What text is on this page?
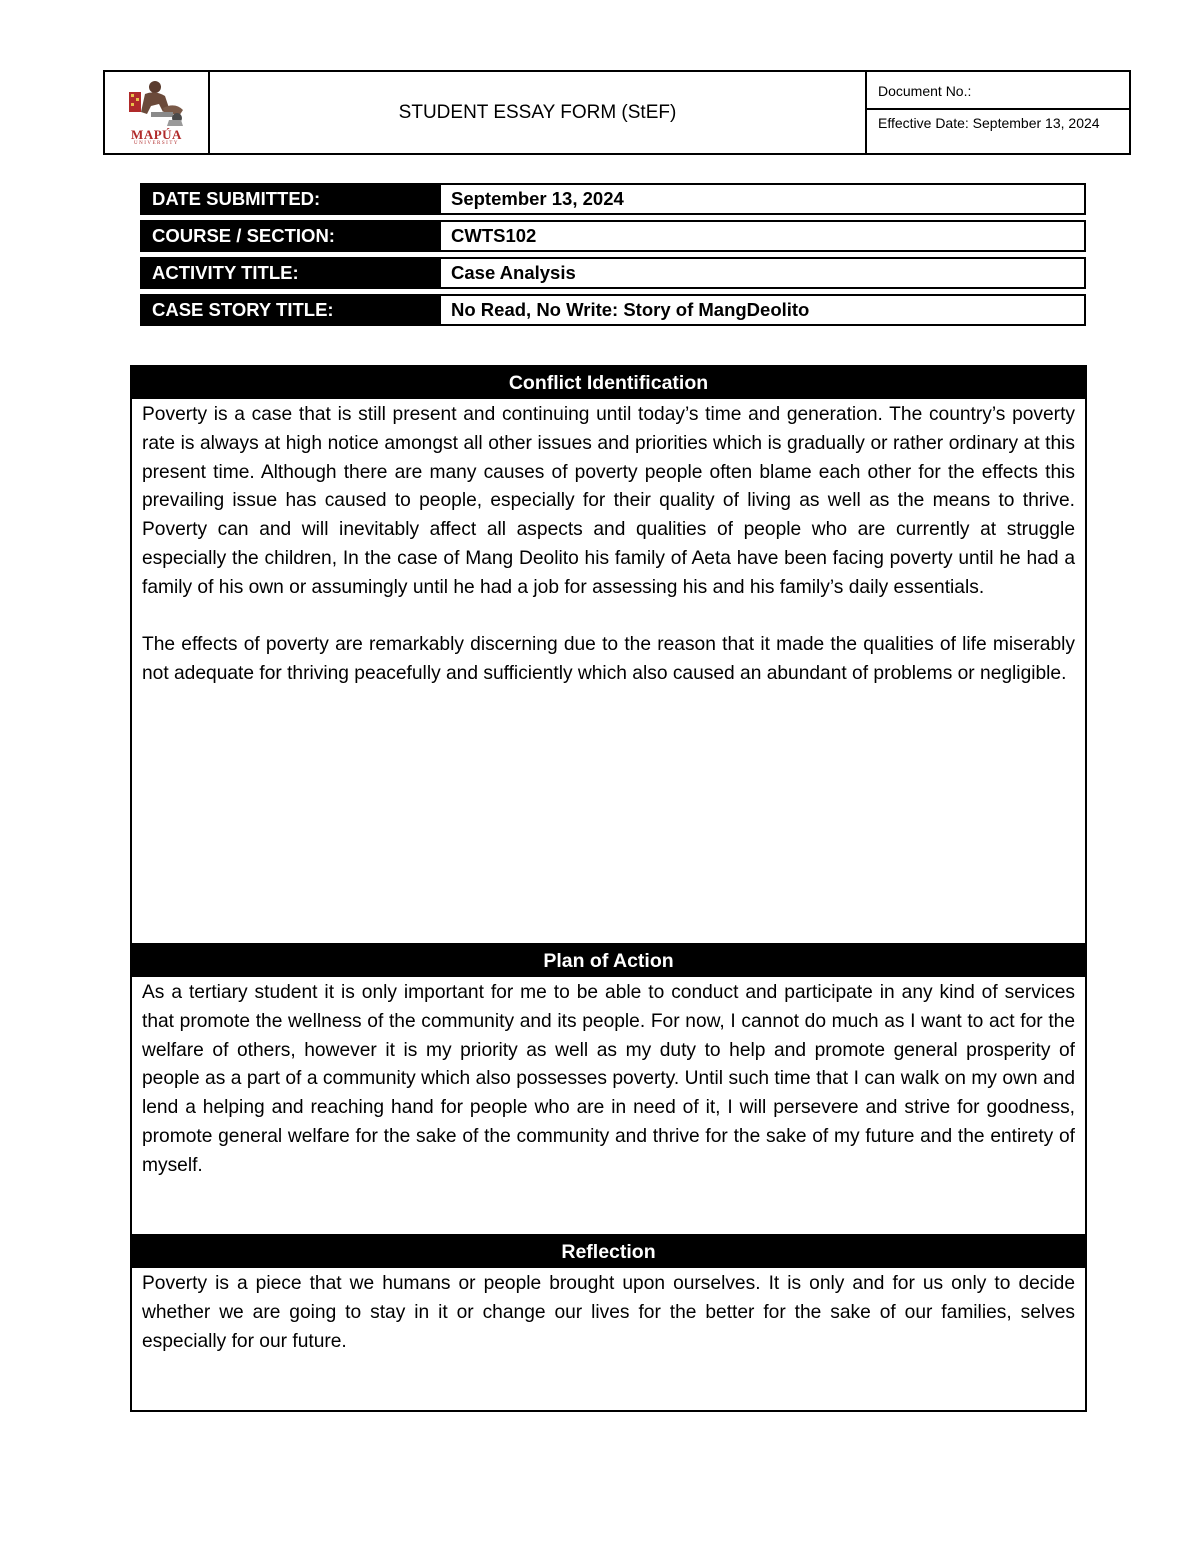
MAPÚA
UNIVERSITY
STUDENT ESSAY FORM (StEF)
Document No.:
Effective Date: September 13, 2024
DATE SUBMITTED:	September 13, 2024
COURSE / SECTION:	CWTS102
ACTIVITY TITLE:	Case Analysis
CASE STORY TITLE:	No Read, No Write: Story of MangDeolito
Conflict Identification

Poverty is a case that is still present and continuing until today’s time and generation. The country’s poverty rate is always at high notice amongst all other issues and priorities which is gradually or rather ordinary at this present time. Although there are many causes of poverty people often blame each other for the effects this prevailing issue has caused to people, especially for their quality of living as well as the means to thrive. Poverty can and will inevitably affect all aspects and qualities of people who are currently at struggle especially the children, In the case of Mang Deolito his family of Aeta have been facing poverty until he had a family of his own or assumingly until he had a job for assessing his and his family’s daily essentials.

The effects of poverty are remarkably discerning due to the reason that it made the qualities of life miserably not adequate for thriving peacefully and sufficiently which also caused an abundant of problems or negligible.

Plan of Action

As a tertiary student it is only important for me to be able to conduct and participate in any kind of services that promote the wellness of the community and its people. For now, I cannot do much as I want to act for the welfare of others, however it is my priority as well as my duty to help and promote general prosperity of people as a part of a community which also possesses poverty. Until such time that I can walk on my own and lend a helping and reaching hand for people who are in need of it, I will persevere and strive for goodness, promote general welfare for the sake of the community and thrive for the sake of my future and the entirety of myself.

Reflection

Poverty is a piece that we humans or people brought upon ourselves. It is only and for us only to decide whether we are going to stay in it or change our lives for the better for the sake of our families, selves especially for our future.
